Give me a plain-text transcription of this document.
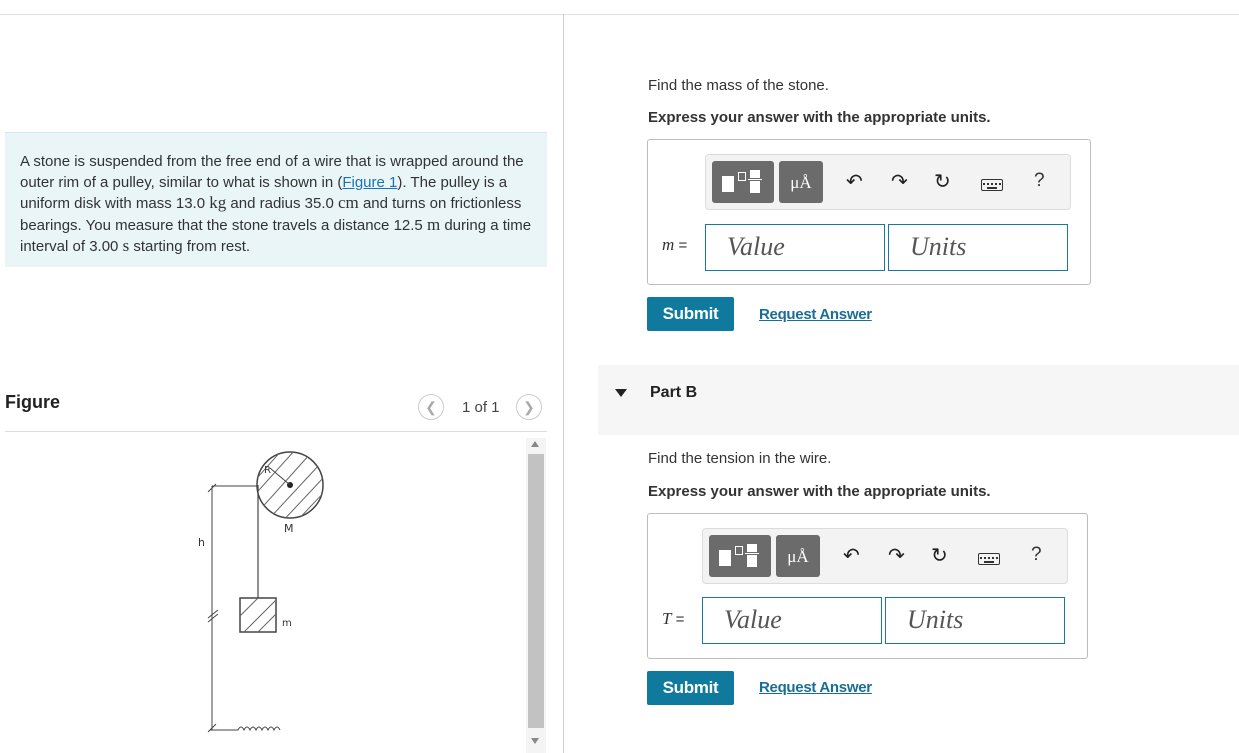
A stone is suspended from the free end of a wire that is wrapped around the outer rim of a pulley, similar to what is shown in (Figure 1). The pulley is a uniform disk with mass 13.0 kg and radius 35.0 cm and turns on frictionless bearings. You measure that the stone travels a distance 12.5 m during a time interval of 3.00 s starting from rest.
Figure	❮	1 of 1	❯
R
M
m
h
Find the mass of the stone.
Express your answer with the appropriate units.
μÅ	↶ ↷ ↻	?
m =	Value	Units
Submit	Request Answer
Part B
Find the tension in the wire.
Express your answer with the appropriate units.
μÅ	↶ ↷ ↻	?
T =	Value	Units
Submit	Request Answer
